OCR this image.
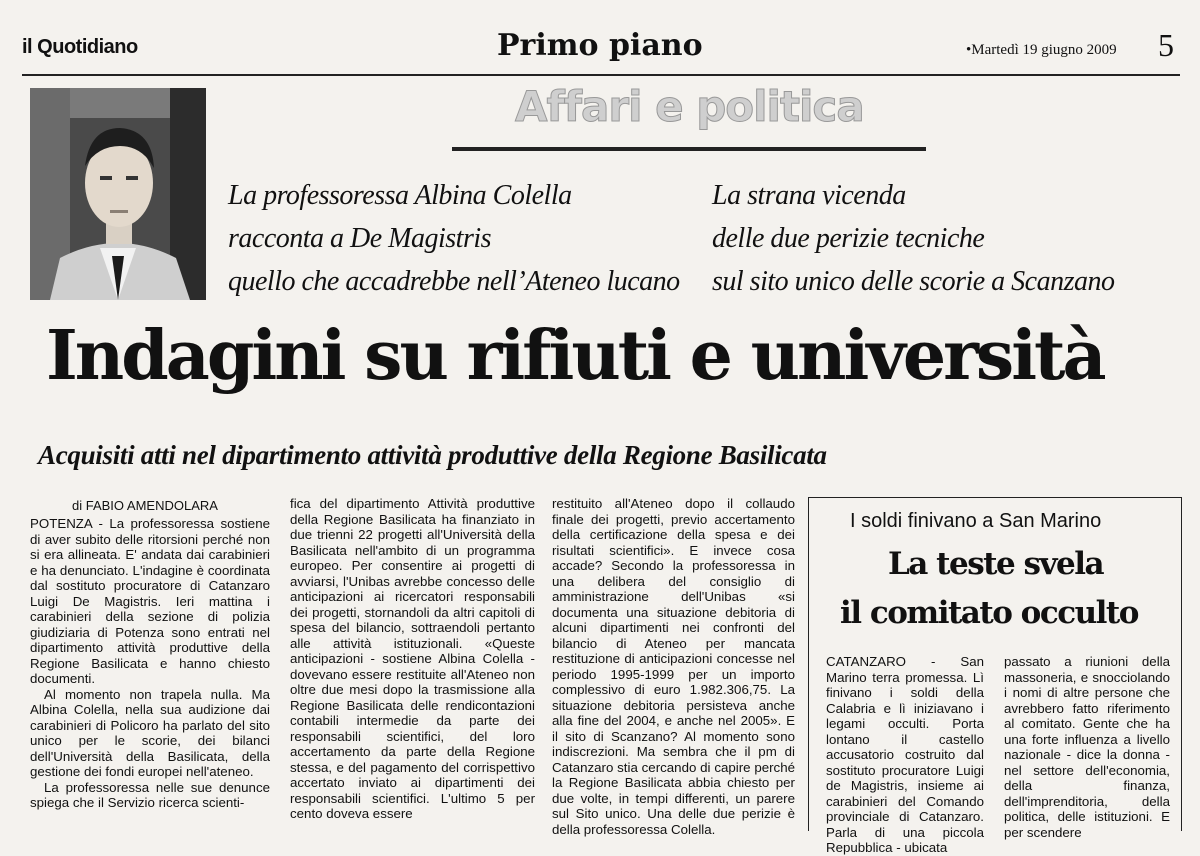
il Quotidiano	Primo piano	•Martedì 19 giugno 2009 5
Affari e politica
La professoressa Albina Colella
racconta a De Magistris
quello che accadrebbe nell’Ateneo lucano
La strana vicenda
delle due perizie tecniche
sul sito unico delle scorie a Scanzano
Indagini su rifiuti e università
Acquisiti atti nel dipartimento attività produttive della Regione Basilicata
di FABIO AMENDOLARA

POTENZA - La professoressa sostiene di aver subito delle ritorsioni perché non si era allineata. E' andata dai carabinieri e ha denunciato. L'indagine è coordinata dal sostituto procuratore di Catanzaro Luigi De Magistris. Ieri mattina i carabinieri della sezione di polizia giudiziaria di Potenza sono entrati nel dipartimento attività produttive della Regione Basilicata e hanno chiesto documenti.

Al momento non trapela nulla. Ma Albina Colella, nella sua audizione dai carabinieri di Policoro ha parlato del sito unico per le scorie, dei bilanci dell'Università della Basilicata, della gestione dei fondi europei nell'ateneo.

La professoressa nelle sue denunce spiega che il Servizio ricerca scienti-

fica del dipartimento Attività produttive della Regione Basilicata ha finanziato in due trienni 22 progetti all'Università della Basilicata nell'ambito di un programma europeo. Per consentire ai progetti di avviarsi, l'Unibas avrebbe concesso delle anticipazioni ai ricercatori responsabili dei progetti, stornandoli da altri capitoli di spesa del bilancio, sottraendoli pertanto alle attività istituzionali. «Queste anticipazioni - sostiene Albina Colella - dovevano essere restituite all'Ateneo non oltre due mesi dopo la trasmissione alla Regione Basilicata delle rendicontazioni contabili intermedie da parte dei responsabili scientifici, del loro accertamento da parte della Regione stessa, e del pagamento del corrispettivo accertato inviato ai dipartimenti dei responsabili scientifici. L'ultimo 5 per cento doveva essere

restituito all'Ateneo dopo il collaudo finale dei progetti, previo accertamento della certificazione della spesa e dei risultati scientifici». E invece cosa accade? Secondo la professoressa in una delibera del consiglio di amministrazione dell'Unibas «si documenta una situazione debitoria di alcuni dipartimenti nei confronti del bilancio di Ateneo per mancata restituzione di anticipazioni concesse nel periodo 1995-1999 per un importo complessivo di euro 1.982.306,75. La situazione debitoria persisteva anche alla fine del 2004, e anche nel 2005». E il sito di Scanzano? Al momento sono indiscrezioni. Ma sembra che il pm di Catanzaro stia cercando di capire perché la Regione Basilicata abbia chiesto per due volte, in tempi differenti, un parere sul Sito unico. Una delle due perizie è della professoressa Colella.

I soldi finivano a San Marino
La teste svela
il comitato occulto

CATANZARO - San Marino terra promessa. Lì finivano i soldi della Calabria e lì iniziavano i legami occulti. Porta lontano il castello accusatorio costruito dal sostituto procuratore Luigi de Magistris, insieme ai carabinieri del Comando provinciale di Catanzaro. Parla di una piccola Repubblica - ubicata

passato a riunioni della massoneria, e snocciolando i nomi di altre persone che avrebbero fatto riferimento al comitato. Gente che ha una forte influenza a livello nazionale - dice la donna - nel settore dell'economia, della finanza, dell'imprenditoria, della politica, delle istituzioni. E per scendere
